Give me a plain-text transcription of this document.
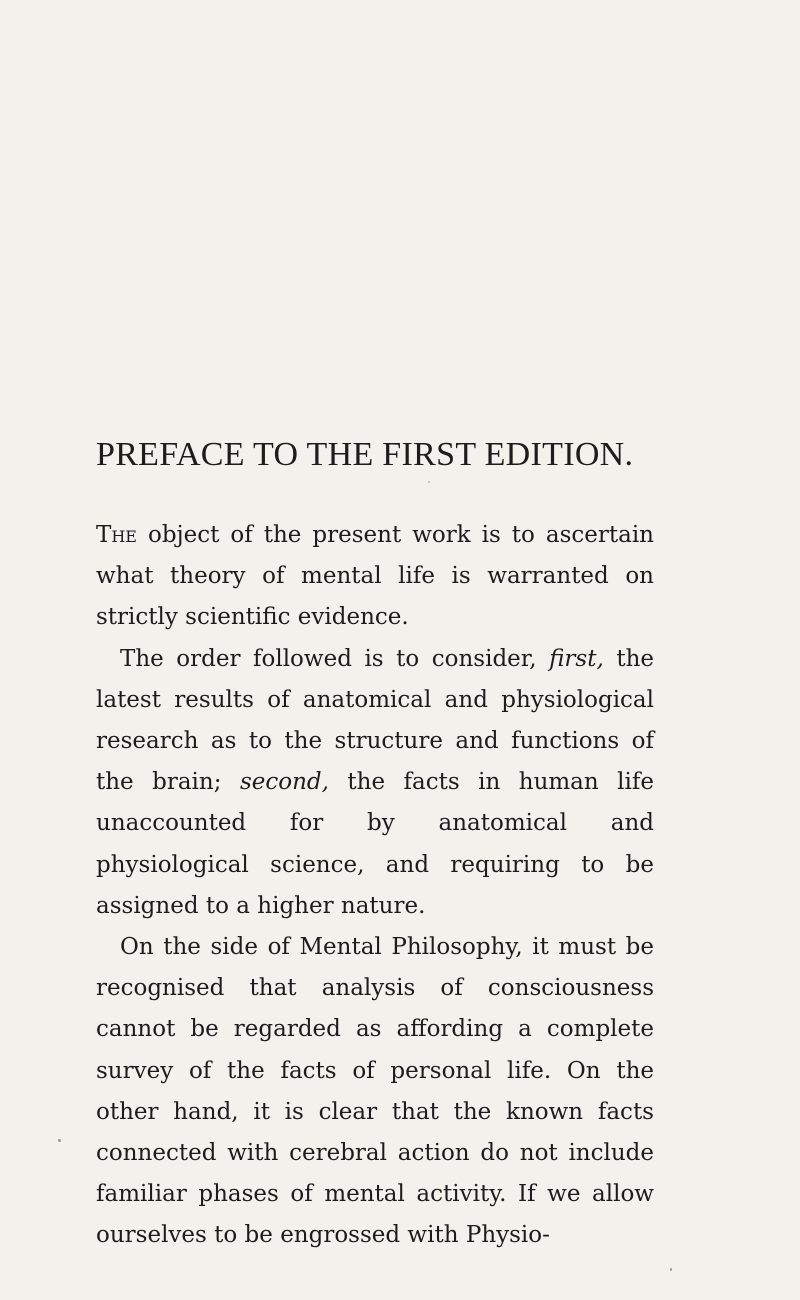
PREFACE TO THE FIRST EDITION.

The object of the present work is to ascertain what theory of mental life is warranted on strictly scientific evidence.

The order followed is to consider, first, the latest results of anatomical and physiological research as to the structure and functions of the brain; second, the facts in human life unaccounted for by anatomical and physiological science, and requiring to be assigned to a higher nature.

On the side of Mental Philosophy, it must be recognised that analysis of consciousness cannot be regarded as affording a complete survey of the facts of personal life. On the other hand, it is clear that the known facts connected with cerebral action do not include familiar phases of mental activity. If we allow ourselves to be engrossed with Physio-
